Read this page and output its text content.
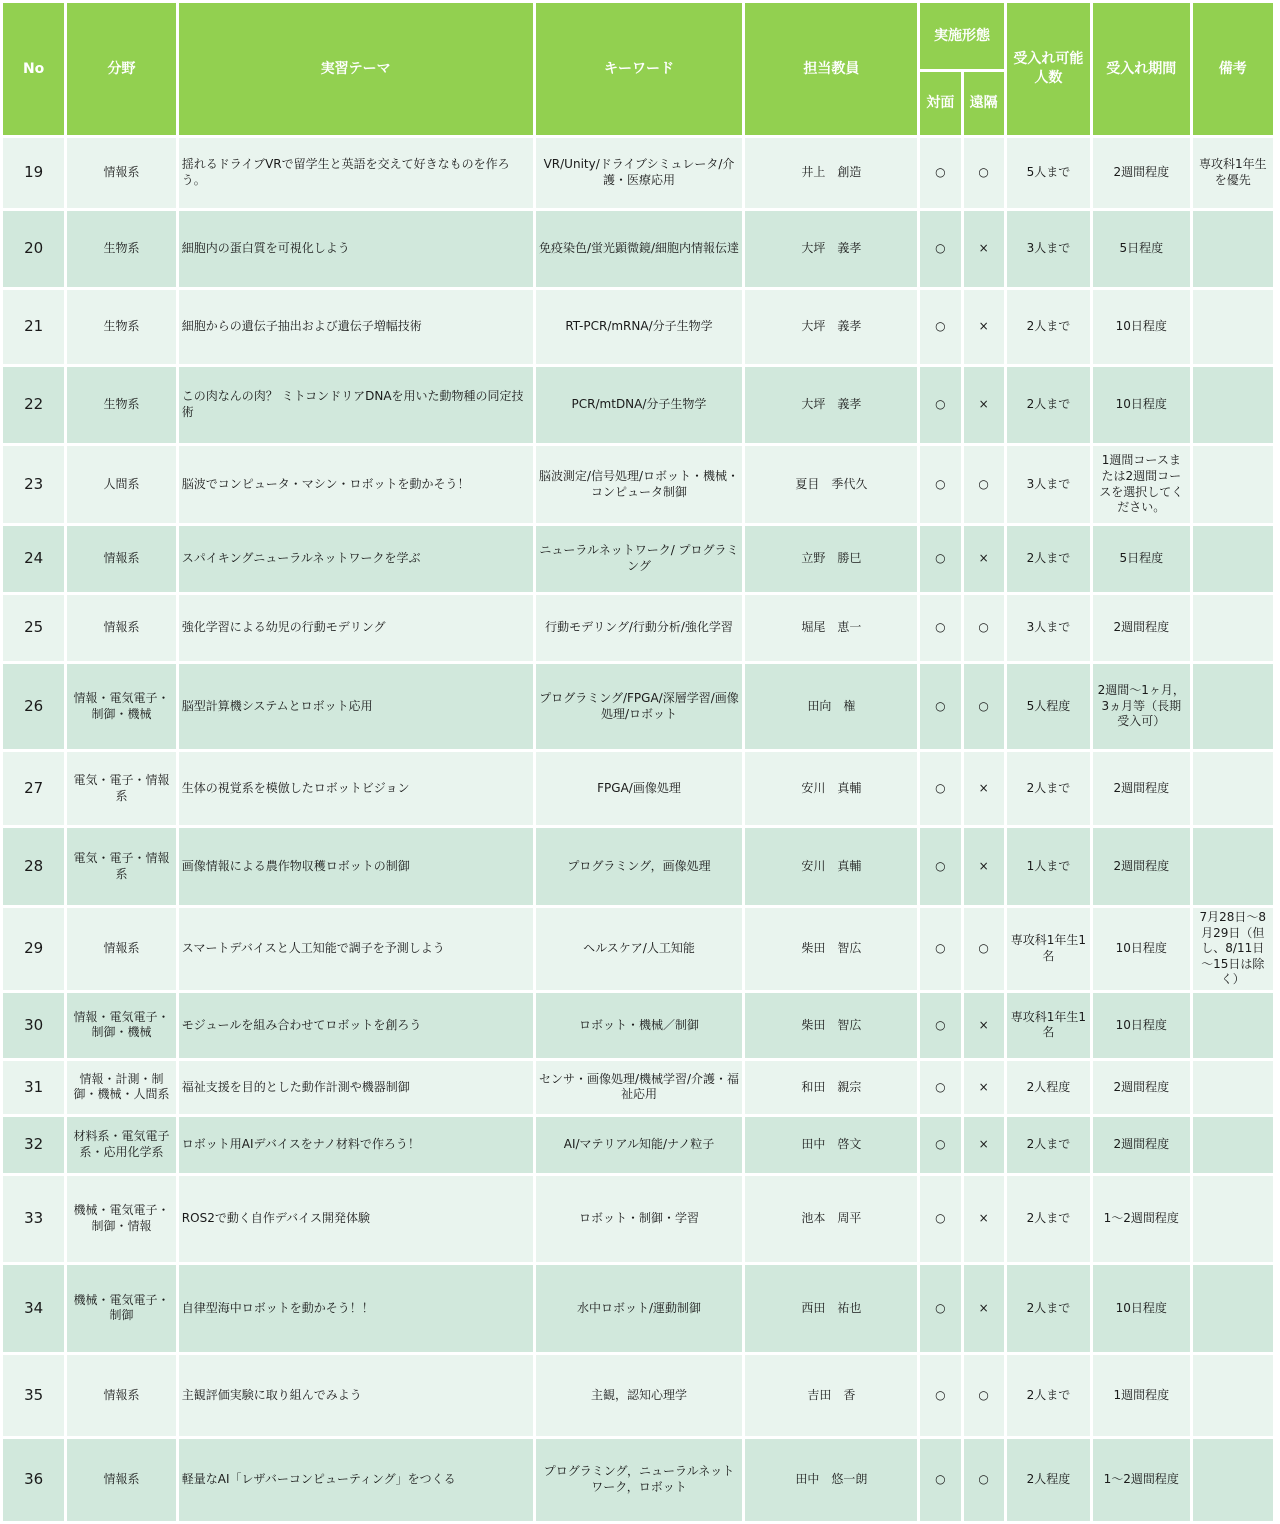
No	分野	実習テーマ	キーワード	担当教員	実施形態		受入れ可能人数	受入れ期間	備考
					対面	遠隔			
19	情報系	揺れるドライブVRで留学生と英語を交えて好きなものを作ろう。	VR/Unity/ドライブシミュレータ/介護・医療応用	井上　創造	○	○	5人まで	2週間程度	専攻科1年生を優先
20	生物系	細胞内の蛋白質を可視化しよう	免疫染色/蛍光顕微鏡/細胞内情報伝達	大坪　義孝	○	×	3人まで	5日程度	
21	生物系	細胞からの遺伝子抽出および遺伝子増幅技術	RT-PCR/mRNA/分子生物学	大坪　義孝	○	×	2人まで	10日程度	
22	生物系	この肉なんの肉？ ミトコンドリアDNAを用いた動物種の同定技術	PCR/mtDNA/分子生物学	大坪　義孝	○	×	2人まで	10日程度	
23	人間系	脳波でコンピュータ・マシン・ロボットを動かそう！	脳波測定/信号処理/ロボット・機械・コンピュータ制御	夏目　季代久	○	○	3人まで	1週間コースまたは2週間コースを選択してください。	
24	情報系	スパイキングニューラルネットワークを学ぶ	ニューラルネットワーク/ プログラミング	立野　勝巳	○	×	2人まで	5日程度	
25	情報系	強化学習による幼児の行動モデリング	行動モデリング/行動分析/強化学習	堀尾　恵一	○	○	3人まで	2週間程度	
26	情報・電気電子・制御・機械	脳型計算機システムとロボット応用	プログラミング/FPGA/深層学習/画像処理/ロボット	田向　権	○	○	5人程度	2週間～1ヶ月，3ヵ月等（長期受入可）	
27	電気・電子・情報系	生体の視覚系を模倣したロボットビジョン	FPGA/画像処理	安川　真輔	○	×	2人まで	2週間程度	
28	電気・電子・情報系	画像情報による農作物収穫ロボットの制御	プログラミング，画像処理	安川　真輔	○	×	1人まで	2週間程度	
29	情報系	スマートデバイスと人工知能で調子を予測しよう	ヘルスケア/人工知能	柴田　智広	○	○	専攻科1年生1名	10日程度	7月28日～8月29日（但し、8/11日～15日は除く）
30	情報・電気電子・制御・機械	モジュールを組み合わせてロボットを創ろう	ロボット・機械／制御	柴田　智広	○	×	専攻科1年生1名	10日程度	
31	情報・計測・制御・機械・人間系	福祉支援を目的とした動作計測や機器制御	センサ・画像処理/機械学習/介護・福祉応用	和田　親宗	○	×	2人程度	2週間程度	
32	材料系・電気電子系・応用化学系	ロボット用AIデバイスをナノ材料で作ろう！	AI/マテリアル知能/ナノ粒子	田中　啓文	○	×	2人まで	2週間程度	
33	機械・電気電子・制御・情報	ROS2で動く自作デバイス開発体験	ロボット・制御・学習	池本　周平	○	×	2人まで	1～2週間程度	
34	機械・電気電子・制御	自律型海中ロボットを動かそう！！	水中ロボット/運動制御	西田　祐也	○	×	2人まで	10日程度	
35	情報系	主観評価実験に取り組んでみよう	主観，認知心理学	吉田　香	○	○	2人まで	1週間程度	
36	情報系	軽量なAI「レザバーコンピューティング」をつくる	プログラミング，ニューラルネットワーク，ロボット	田中　悠一朗	○	○	2人程度	1～2週間程度	
